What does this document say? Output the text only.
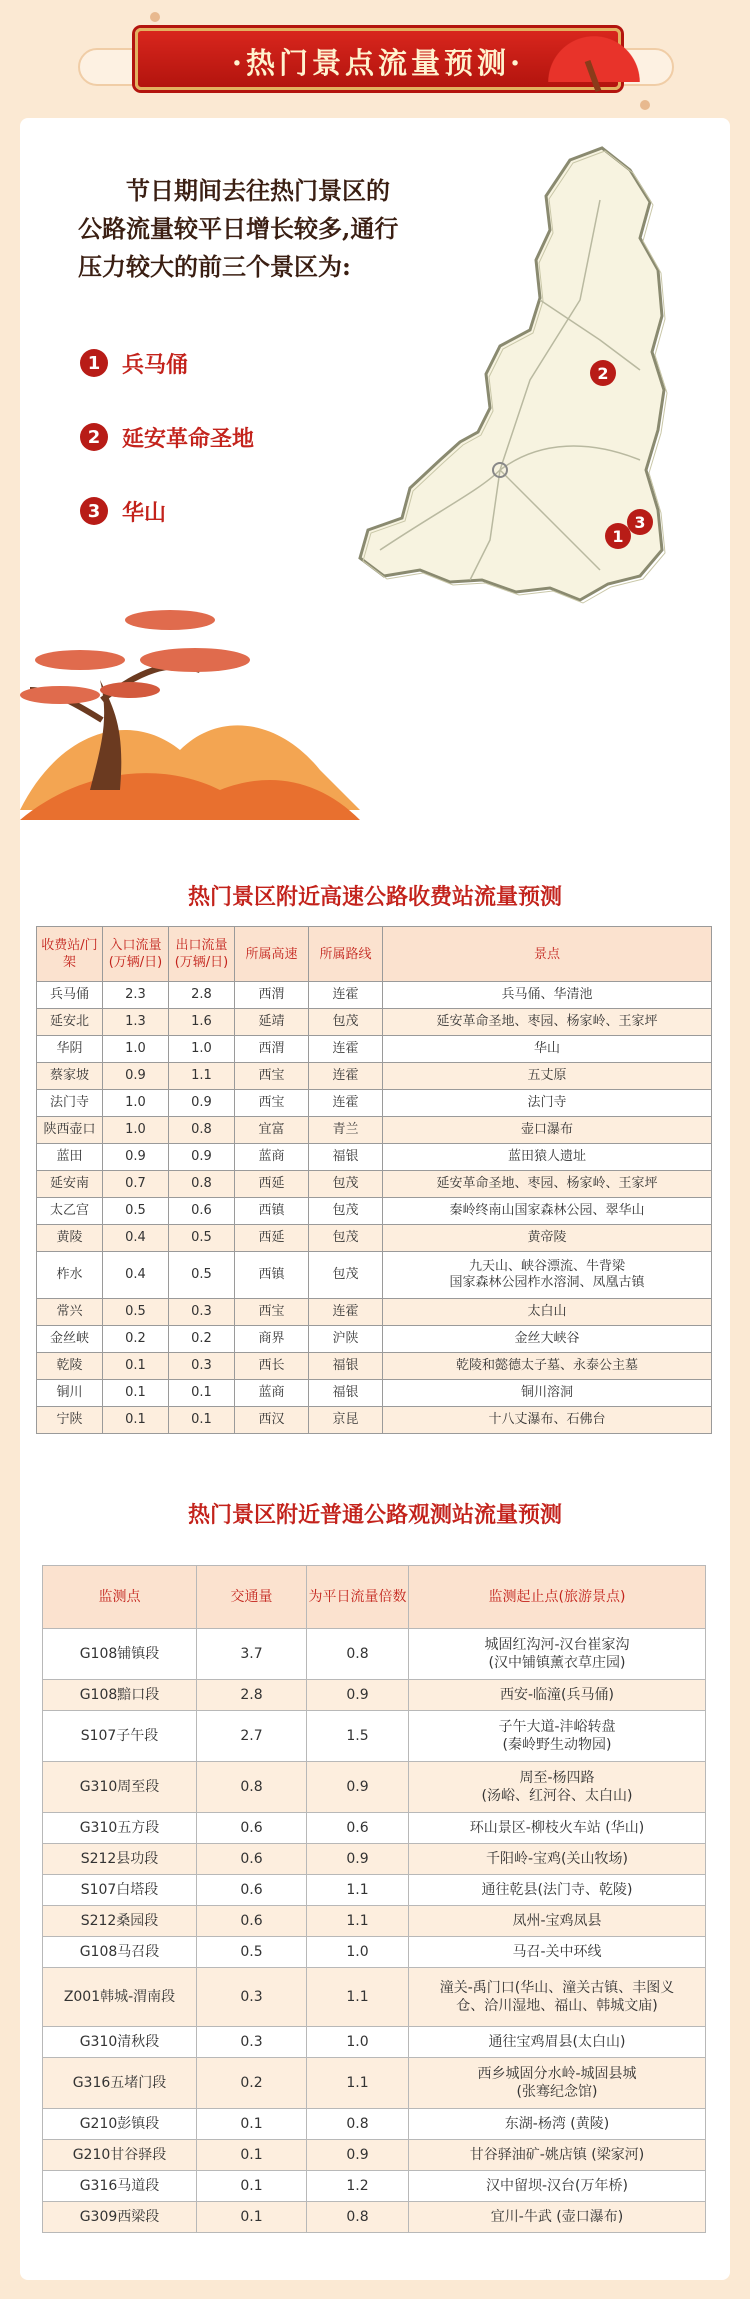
·热门景点流量预测·
节日期间去往热门景区的
公路流量较平日增长较多,通行
压力较大的前三个景区为:
1 兵马俑
2 延安革命圣地
3 华山
2
1
3
热门景区附近高速公路收费站流量预测
收费站/门架	入口流量(万辆/日)	出口流量(万辆/日)	所属高速	所属路线	景点
兵马俑	2.3	2.8	西渭	连霍	兵马俑、华清池
延安北	1.3	1.6	延靖	包茂	延安革命圣地、枣园、杨家岭、王家坪
华阴	1.0	1.0	西渭	连霍	华山
蔡家坡	0.9	1.1	西宝	连霍	五丈原
法门寺	1.0	0.9	西宝	连霍	法门寺
陕西壶口	1.0	0.8	宜富	青兰	壶口瀑布
蓝田	0.9	0.9	蓝商	福银	蓝田猿人遗址
延安南	0.7	0.8	西延	包茂	延安革命圣地、枣园、杨家岭、王家坪
太乙宫	0.5	0.6	西镇	包茂	秦岭终南山国家森林公园、翠华山
黄陵	0.4	0.5	西延	包茂	黄帝陵
柞水	0.4	0.5	西镇	包茂	九天山、峡谷漂流、牛背梁
国家森林公园柞水溶洞、凤凰古镇
常兴	0.5	0.3	西宝	连霍	太白山
金丝峡	0.2	0.2	商界	沪陕	金丝大峡谷
乾陵	0.1	0.3	西长	福银	乾陵和懿德太子墓、永泰公主墓
铜川	0.1	0.1	蓝商	福银	铜川溶洞
宁陕	0.1	0.1	西汉	京昆	十八丈瀑布、石佛台
热门景区附近普通公路观测站流量预测
监测点	交通量	为平日流量倍数	监测起止点(旅游景点)
G108铺镇段	3.7	0.8	城固红沟河-汉台崔家沟
(汉中铺镇薰衣草庄园)
G108黯口段	2.8	0.9	西安-临潼(兵马俑)
S107子午段	2.7	1.5	子午大道-沣峪转盘
(秦岭野生动物园)
G310周至段	0.8	0.9	周至-杨四路
(汤峪、红河谷、太白山)
G310五方段	0.6	0.6	环山景区-柳枝火车站 (华山)
S212县功段	0.6	0.9	千阳岭-宝鸡(关山牧场)
S107白塔段	0.6	1.1	通往乾县(法门寺、乾陵)
S212桑园段	0.6	1.1	凤州-宝鸡凤县
G108马召段	0.5	1.0	马召-关中环线
Z001韩城-渭南段	0.3	1.1	潼关-禹门口(华山、潼关古镇、丰图义
仓、洽川湿地、福山、韩城文庙)
G310清秋段	0.3	1.0	通往宝鸡眉县(太白山)
G316五堵门段	0.2	1.1	西乡城固分水岭-城固县城
(张骞纪念馆)
G210彭镇段	0.1	0.8	东湖-杨湾 (黄陵)
G210甘谷驿段	0.1	0.9	甘谷驿油矿-姚店镇 (梁家河)
G316马道段	0.1	1.2	汉中留坝-汉台(万年桥)
G309西梁段	0.1	0.8	宜川-牛武 (壶口瀑布)
